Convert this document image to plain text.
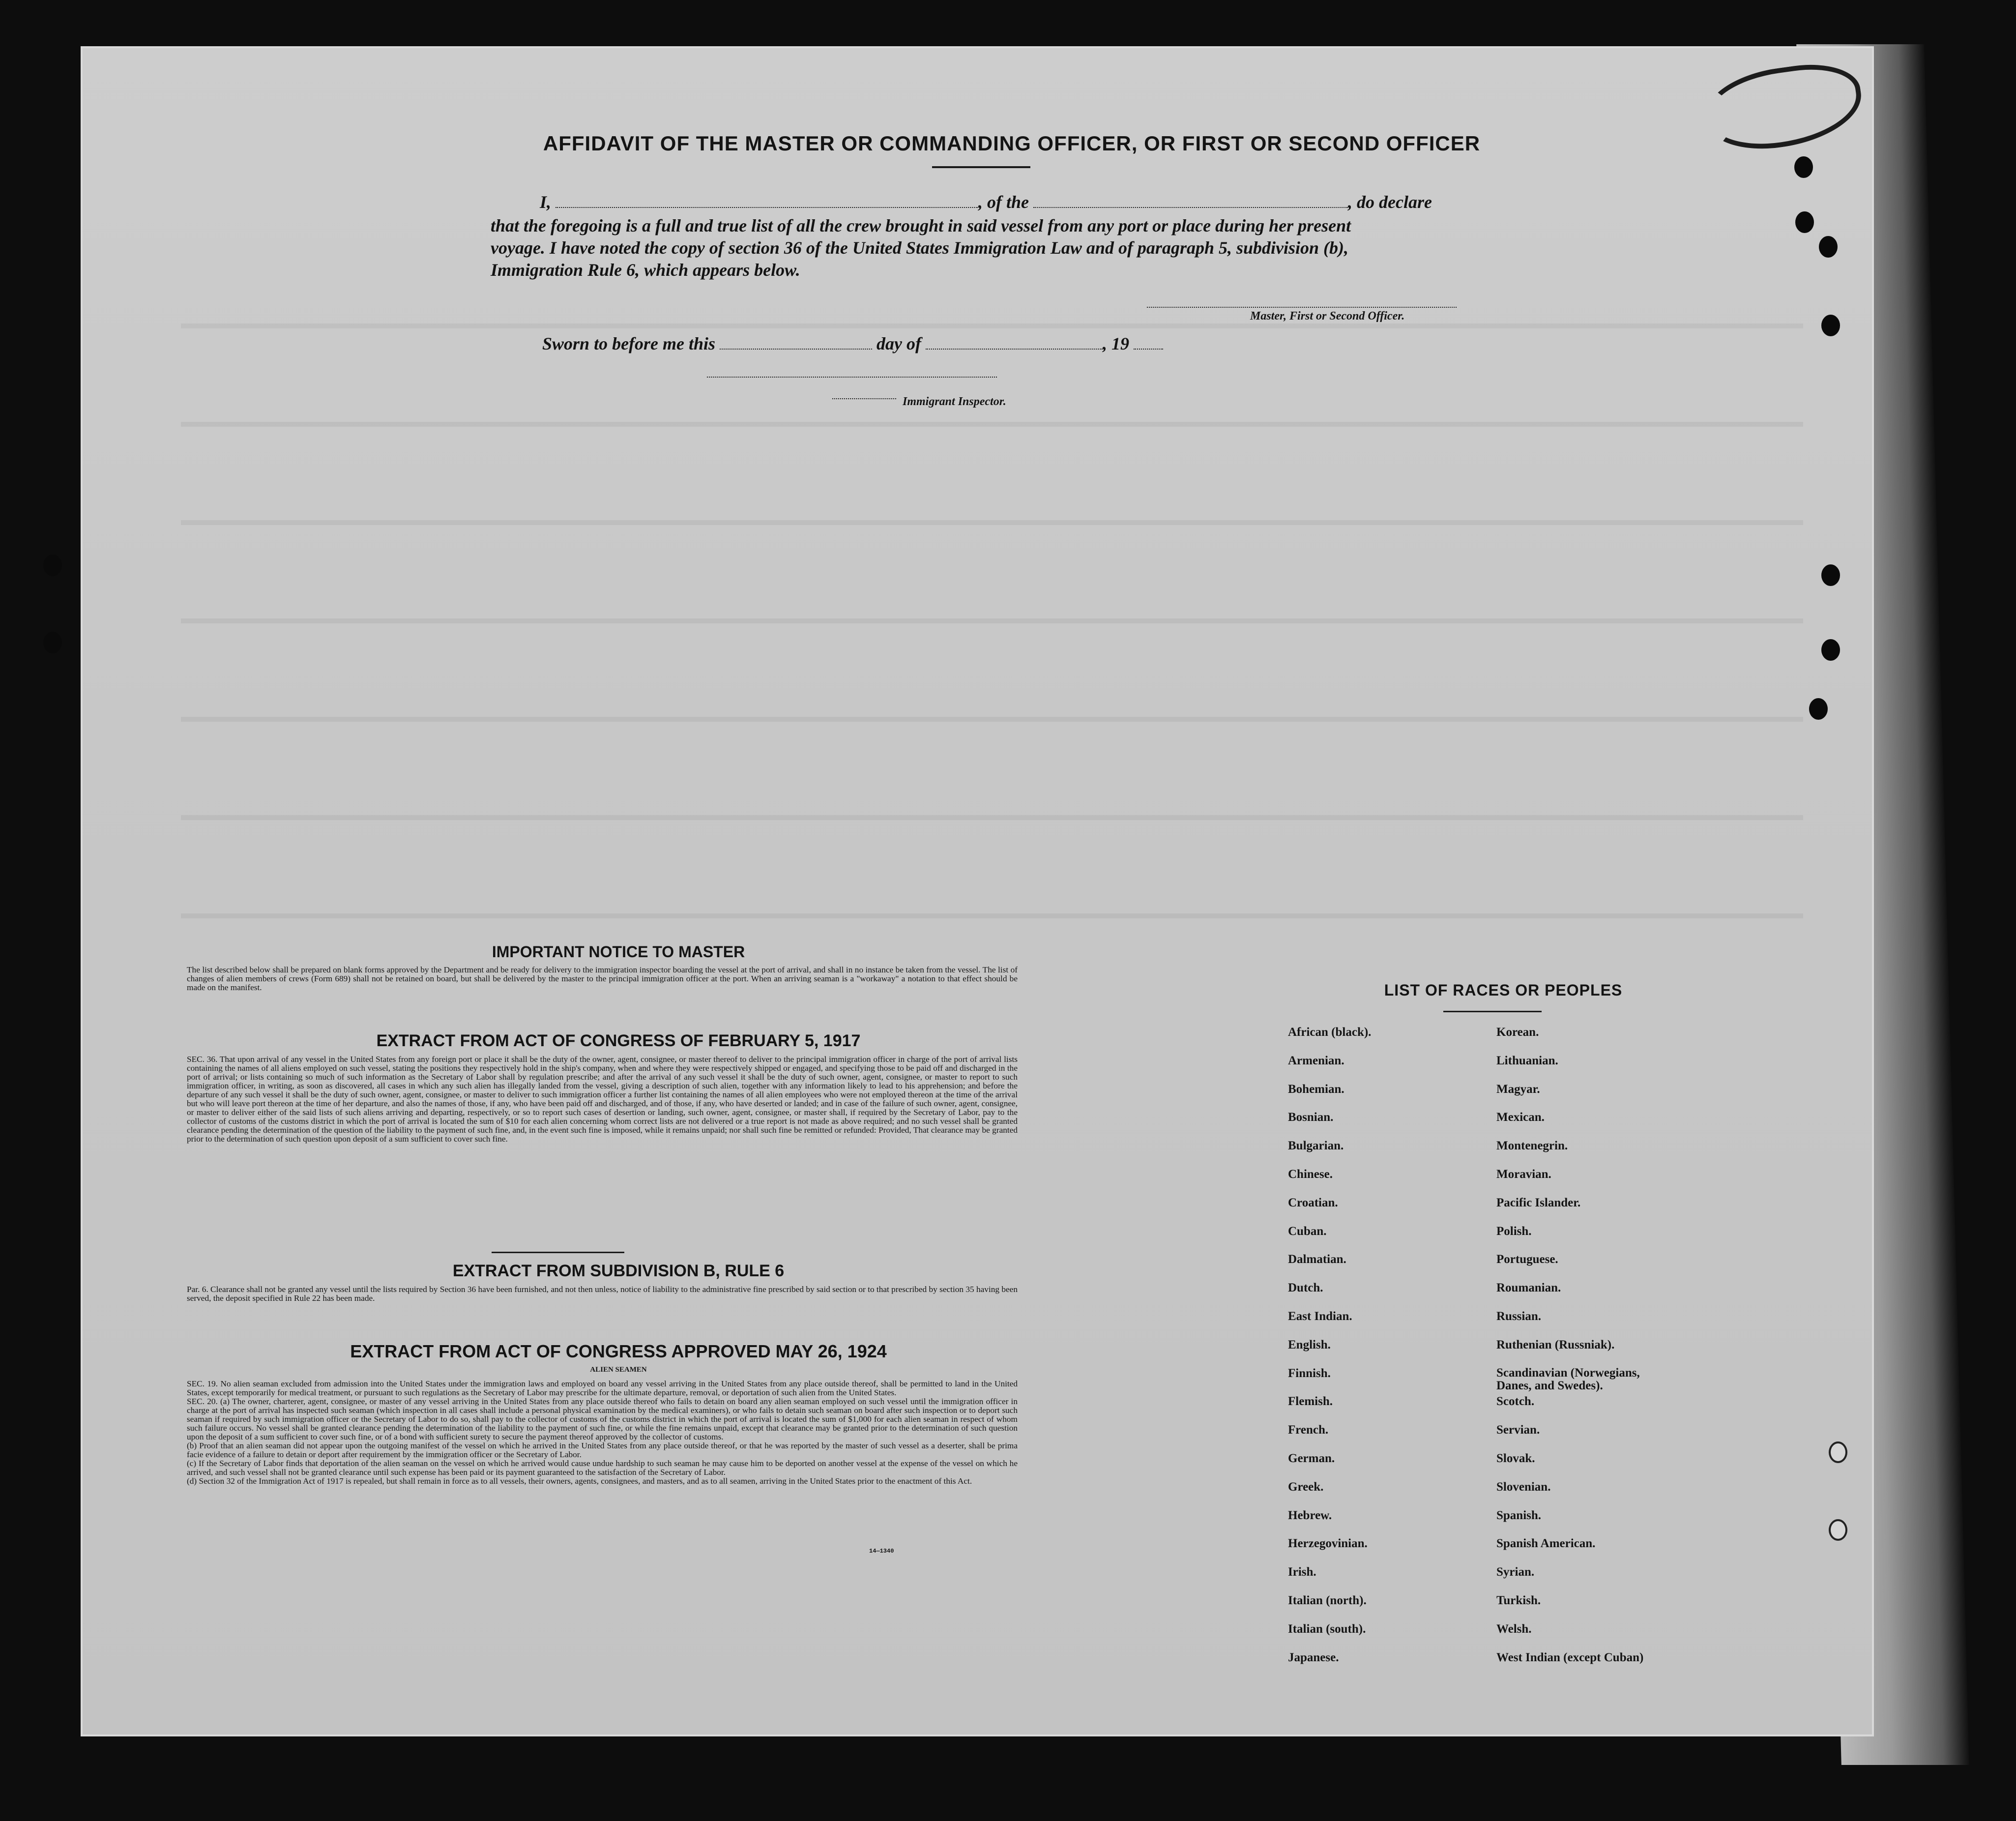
AFFIDAVIT OF THE MASTER OR COMMANDING OFFICER, OR FIRST OR SECOND OFFICER
I,	, of the	, do declare
that the foregoing is a full and true list of all the crew brought in said vessel from any port or place during her present
voyage. I have noted the copy of section 36 of the United States Immigration Law and of paragraph 5, subdivision (b),
Immigration Rule 6, which appears below.
Master, First or Second Officer.
Sworn to before me this	day of	, 19
Immigrant Inspector.
IMPORTANT NOTICE TO MASTER
The list described below shall be prepared on blank forms approved by the Department and be ready for delivery to the immigration inspector boarding the vessel at the port of arrival, and shall in no instance be taken from the vessel. The list of changes of alien members of crews (Form 689) shall not be retained on board, but shall be delivered by the master to the principal immigration officer at the port. When an arriving seaman is a "workaway" a notation to that effect should be made on the manifest.
EXTRACT FROM ACT OF CONGRESS OF FEBRUARY 5, 1917
SEC. 36. That upon arrival of any vessel in the United States from any foreign port or place it shall be the duty of the owner, agent, consignee, or master thereof to deliver to the principal immigration officer in charge of the port of arrival lists containing the names of all aliens employed on such vessel, stating the positions they respectively hold in the ship's company, when and where they were respectively shipped or engaged, and specifying those to be paid off and discharged in the port of arrival; or lists containing so much of such information as the Secretary of Labor shall by regulation prescribe; and after the arrival of any such vessel it shall be the duty of such owner, agent, consignee, or master to report to such immigration officer, in writing, as soon as discovered, all cases in which any such alien has illegally landed from the vessel, giving a description of such alien, together with any information likely to lead to his apprehension; and before the departure of any such vessel it shall be the duty of such owner, agent, consignee, or master to deliver to such immigration officer a further list containing the names of all alien employees who were not employed thereon at the time of the arrival but who will leave port thereon at the time of her departure, and also the names of those, if any, who have been paid off and discharged, and of those, if any, who have deserted or landed; and in case of the failure of such owner, agent, consignee, or master to deliver either of the said lists of such aliens arriving and departing, respectively, or so to report such cases of desertion or landing, such owner, agent, consignee, or master shall, if required by the Secretary of Labor, pay to the collector of customs of the customs district in which the port of arrival is located the sum of $10 for each alien concerning whom correct lists are not delivered or a true report is not made as above required; and no such vessel shall be granted clearance pending the determination of the question of the liability to the payment of such fine, and, in the event such fine is imposed, while it remains unpaid; nor shall such fine be remitted or refunded: Provided, That clearance may be granted prior to the determination of such question upon deposit of a sum sufficient to cover such fine.
EXTRACT FROM SUBDIVISION B, RULE 6
Par. 6. Clearance shall not be granted any vessel until the lists required by Section 36 have been furnished, and not then unless, notice of liability to the administrative fine prescribed by said section or to that prescribed by section 35 having been served, the deposit specified in Rule 22 has been made.
EXTRACT FROM ACT OF CONGRESS APPROVED MAY 26, 1924
ALIEN SEAMEN

SEC. 19. No alien seaman excluded from admission into the United States under the immigration laws and employed on board any vessel arriving in the United States from any place outside thereof, shall be permitted to land in the United States, except temporarily for medical treatment, or pursuant to such regulations as the Secretary of Labor may prescribe for the ultimate departure, removal, or deportation of such alien from the United States.

SEC. 20. (a) The owner, charterer, agent, consignee, or master of any vessel arriving in the United States from any place outside thereof who fails to detain on board any alien seaman employed on such vessel until the immigration officer in charge at the port of arrival has inspected such seaman (which inspection in all cases shall include a personal physical examination by the medical examiners), or who fails to detain such seaman on board after such inspection or to deport such seaman if required by such immigration officer or the Secretary of Labor to do so, shall pay to the collector of customs of the customs district in which the port of arrival is located the sum of $1,000 for each alien seaman in respect of whom such failure occurs. No vessel shall be granted clearance pending the determination of the liability to the payment of such fine, or while the fine remains unpaid, except that clearance may be granted prior to the determination of such question upon the deposit of a sum sufficient to cover such fine, or of a bond with sufficient surety to secure the payment thereof approved by the collector of customs.

(b) Proof that an alien seaman did not appear upon the outgoing manifest of the vessel on which he arrived in the United States from any place outside thereof, or that he was reported by the master of such vessel as a deserter, shall be prima facie evidence of a failure to detain or deport after requirement by the immigration officer or the Secretary of Labor.

(c) If the Secretary of Labor finds that deportation of the alien seaman on the vessel on which he arrived would cause undue hardship to such seaman he may cause him to be deported on another vessel at the expense of the vessel on which he arrived, and such vessel shall not be granted clearance until such expense has been paid or its payment guaranteed to the satisfaction of the Secretary of Labor.

(d) Section 32 of the Immigration Act of 1917 is repealed, but shall remain in force as to all vessels, their owners, agents, consignees, and masters, and as to all seamen, arriving in the United States prior to the enactment of this Act.

14—1340
LIST OF RACES OR PEOPLES
African (black).
Armenian.
Bohemian.
Bosnian.
Bulgarian.
Chinese.
Croatian.
Cuban.
Dalmatian.
Dutch.
East Indian.
English.
Finnish.
Flemish.
French.
German.
Greek.
Hebrew.
Herzegovinian.
Irish.
Italian (north).
Italian (south).
Japanese.
Korean.
Lithuanian.
Magyar.
Mexican.
Montenegrin.
Moravian.
Pacific Islander.
Polish.
Portuguese.
Roumanian.
Russian.
Ruthenian (Russniak).
Scandinavian (Norwegians, Danes, and Swedes).
Scotch.
Servian.
Slovak.
Slovenian.
Spanish.
Spanish American.
Syrian.
Turkish.
Welsh.
West Indian (except Cuban)
